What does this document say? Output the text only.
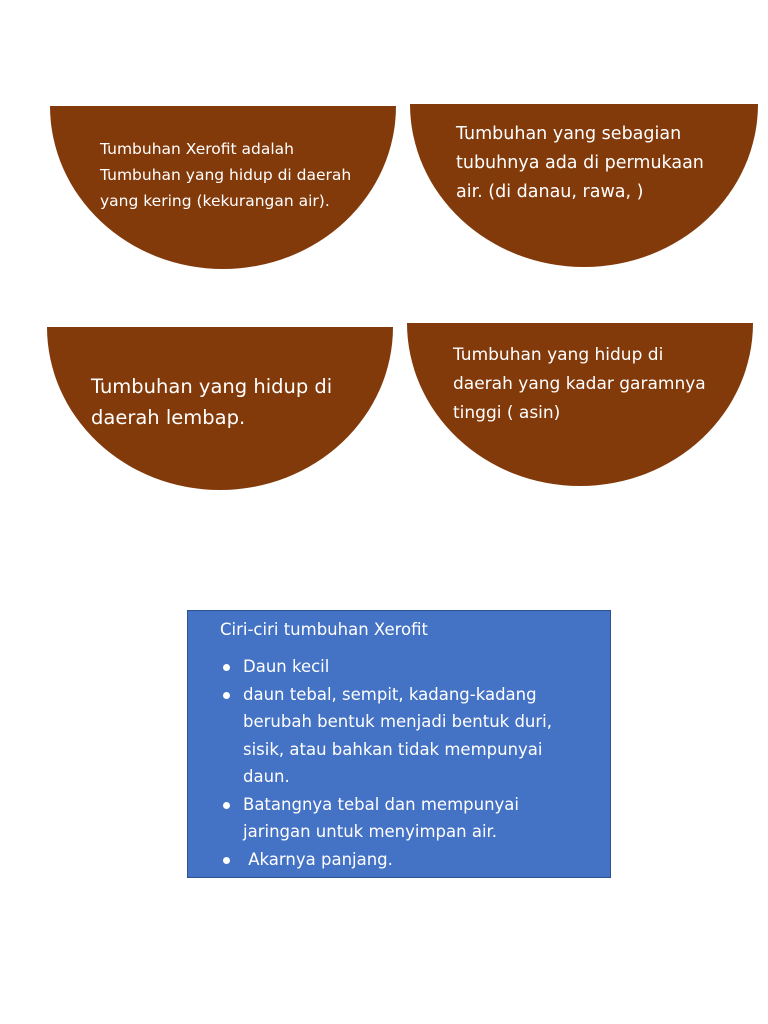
Tumbuhan Xerofit adalah
Tumbuhan yang hidup di daerah
yang kering (kekurangan air).
Tumbuhan yang sebagian
tubuhnya ada di permukaan
air. (di danau, rawa, )
Tumbuhan yang hidup di
daerah lembap.
Tumbuhan yang hidup di
daerah yang kadar garamnya
tinggi ( asin)
Ciri-ciri tumbuhan Xerofit
Daun kecil
daun tebal, sempit, kadang-kadang
berubah bentuk menjadi bentuk duri,
sisik, atau bahkan tidak mempunyai
daun.
Batangnya tebal dan mempunyai
jaringan untuk menyimpan air.
Akarnya panjang.
